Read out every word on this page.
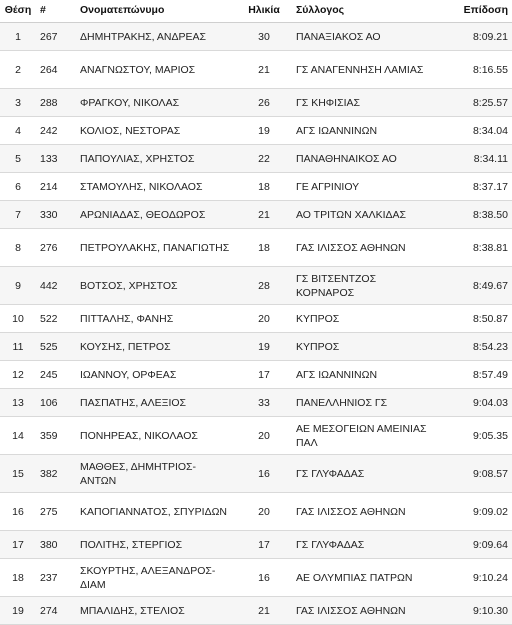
Θέση	#	Ονοματεπώνυμο	Ηλικία	Σύλλογος	Επίδοση
1	267	ΔΗΜΗΤΡΑΚΗΣ, ΑΝΔΡΕΑΣ	30	ΠΑΝΑΞΙΑΚΟΣ ΑΟ	8:09.21
2	264	ΑΝΑΓΝΩΣΤΟΥ, ΜΑΡΙΟΣ	21	ΓΣ ΑΝΑΓΕΝΝΗΣΗ ΛΑΜΙΑΣ	8:16.55
3	288	ΦΡΑΓΚΟΥ, ΝΙΚΟΛΑΣ	26	ΓΣ ΚΗΦΙΣΙΑΣ	8:25.57
4	242	ΚΟΛΙΟΣ, ΝΕΣΤΟΡΑΣ	19	ΑΓΣ ΙΩΑΝΝΙΝΩΝ	8:34.04
5	133	ΠΑΠΟΥΛΙΑΣ, ΧΡΗΣΤΟΣ	22	ΠΑΝΑΘΗΝΑΙΚΟΣ ΑΟ	8:34.11
6	214	ΣΤΑΜΟΥΛΗΣ, ΝΙΚΟΛΑΟΣ	18	ΓΕ ΑΓΡΙΝΙΟΥ	8:37.17
7	330	ΑΡΩΝΙΑΔΑΣ, ΘΕΟΔΩΡΟΣ	21	ΑΟ ΤΡΙΤΩΝ ΧΑΛΚΙΔΑΣ	8:38.50
8	276	ΠΕΤΡΟΥΛΑΚΗΣ, ΠΑΝΑΓΙΩΤΗΣ	18	ΓΑΣ ΙΛΙΣΣΟΣ ΑΘΗΝΩΝ	8:38.81
9	442	ΒΟΤΣΟΣ, ΧΡΗΣΤΟΣ	28	ΓΣ ΒΙΤΣΕΝΤΖΟΣ ΚΟΡΝΑΡΟΣ	8:49.67
10	522	ΠΙΤΤΑΛΗΣ, ΦΑΝΗΣ	20	ΚΥΠΡΟΣ	8:50.87
11	525	ΚΟΥΣΗΣ, ΠΕΤΡΟΣ	19	ΚΥΠΡΟΣ	8:54.23
12	245	ΙΩΑΝΝΟΥ, ΟΡΦΕΑΣ	17	ΑΓΣ ΙΩΑΝΝΙΝΩΝ	8:57.49
13	106	ΠΑΣΠΑΤΗΣ, ΑΛΕΞΙΟΣ	33	ΠΑΝΕΛΛΗΝΙΟΣ ΓΣ	9:04.03
14	359	ΠΟΝΗΡΕΑΣ, ΝΙΚΟΛΑΟΣ	20	ΑΕ ΜΕΣΟΓΕΙΩΝ ΑΜΕΙΝΙΑΣ ΠΑΛ	9:05.35
15	382	ΜΑΘΘΕΣ, ΔΗΜΗΤΡΙΟΣ-ΑΝΤΩΝ	16	ΓΣ ΓΛΥΦΑΔΑΣ	9:08.57
16	275	ΚΑΠΟΓΙΑΝΝΑΤΟΣ, ΣΠΥΡΙΔΩΝ	20	ΓΑΣ ΙΛΙΣΣΟΣ ΑΘΗΝΩΝ	9:09.02
17	380	ΠΟΛΙΤΗΣ, ΣΤΕΡΓΙΟΣ	17	ΓΣ ΓΛΥΦΑΔΑΣ	9:09.64
18	237	ΣΚΟΥΡΤΗΣ, ΑΛΕΞΑΝΔΡΟΣ-ΔΙΑΜ	16	ΑΕ ΟΛΥΜΠΙΑΣ ΠΑΤΡΩΝ	9:10.24
19	274	ΜΠΑΛΙΔΗΣ, ΣΤΕΛΙΟΣ	21	ΓΑΣ ΙΛΙΣΣΟΣ ΑΘΗΝΩΝ	9:10.30
